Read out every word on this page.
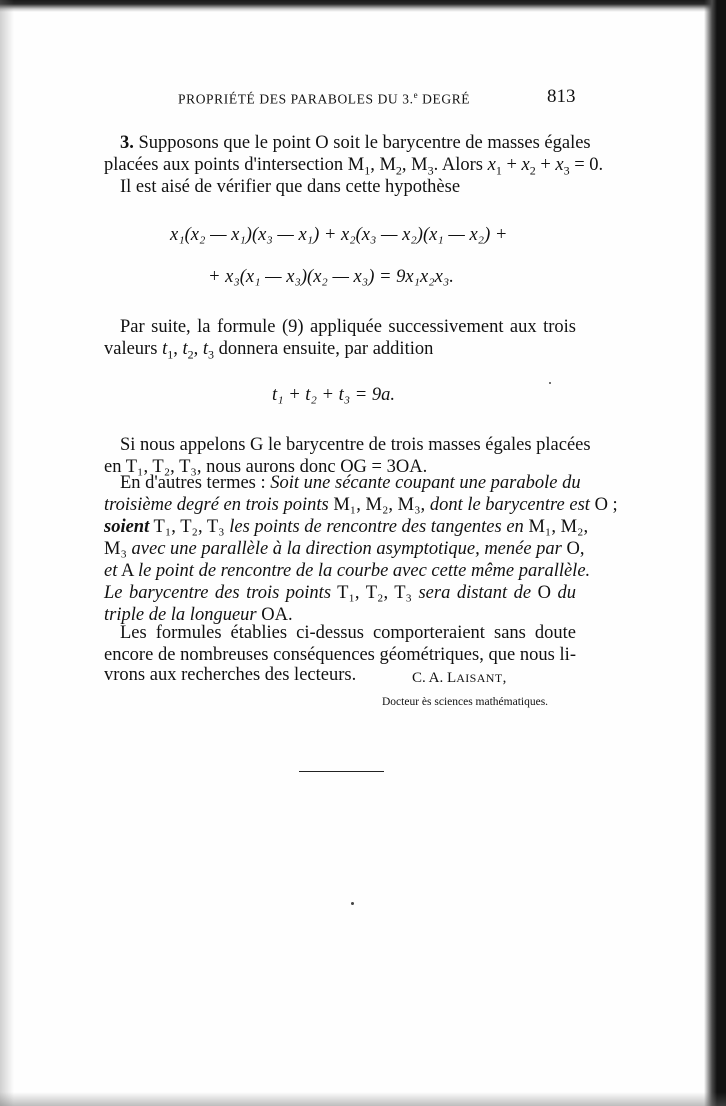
PROPRIÉTÉ DES PARABOLES DU 3.$^e$ DEGRÉ	813
3. Supposons que le point O soit le barycentre de masses égales
placées aux points d'intersection $M_1$, $M_2$, $M_3$. Alors $x_1 + x_2 + x_3 = 0$.
Il est aisé de vérifier que dans cette hypothèse
x₁(x₂ — x₁)(x₃ — x₁) + x₂(x₃ — x₂)(x₁ — x₂) +
+ x₃(x₁ — x₃)(x₂ — x₃) = 9x₁x₂x₃.
Par suite, la formule (9) appliquée successivement aux trois
valeurs $t_1$, $t_2$, $t_3$ donnera ensuite, par addition
t₁ + t₂ + t₃ = 9a.
Si nous appelons G le barycentre de trois masses égales placées
en T₁, T₂, T₃, nous aurons donc OG = 3OA.
En d'autres termes : Soit une sécante coupant une parabole du
troisième degré en trois points M₁, M₂, M₃, dont le barycentre est O ;
soient T₁, T₂, T₃ les points de rencontre des tangentes en M₁, M₂,
M₃ avec une parallèle à la direction asymptotique, menée par O,
et A le point de rencontre de la courbe avec cette même parallèle.
Le barycentre des trois points T₁, T₂, T₃ sera distant de O du
triple de la longueur OA.
Les formules établies ci-dessus comporteraient sans doute
encore de nombreuses conséquences géométriques, que nous li-
vrons aux recherches des lecteurs.	C. A. LAISANT,
Docteur ès sciences mathématiques.
